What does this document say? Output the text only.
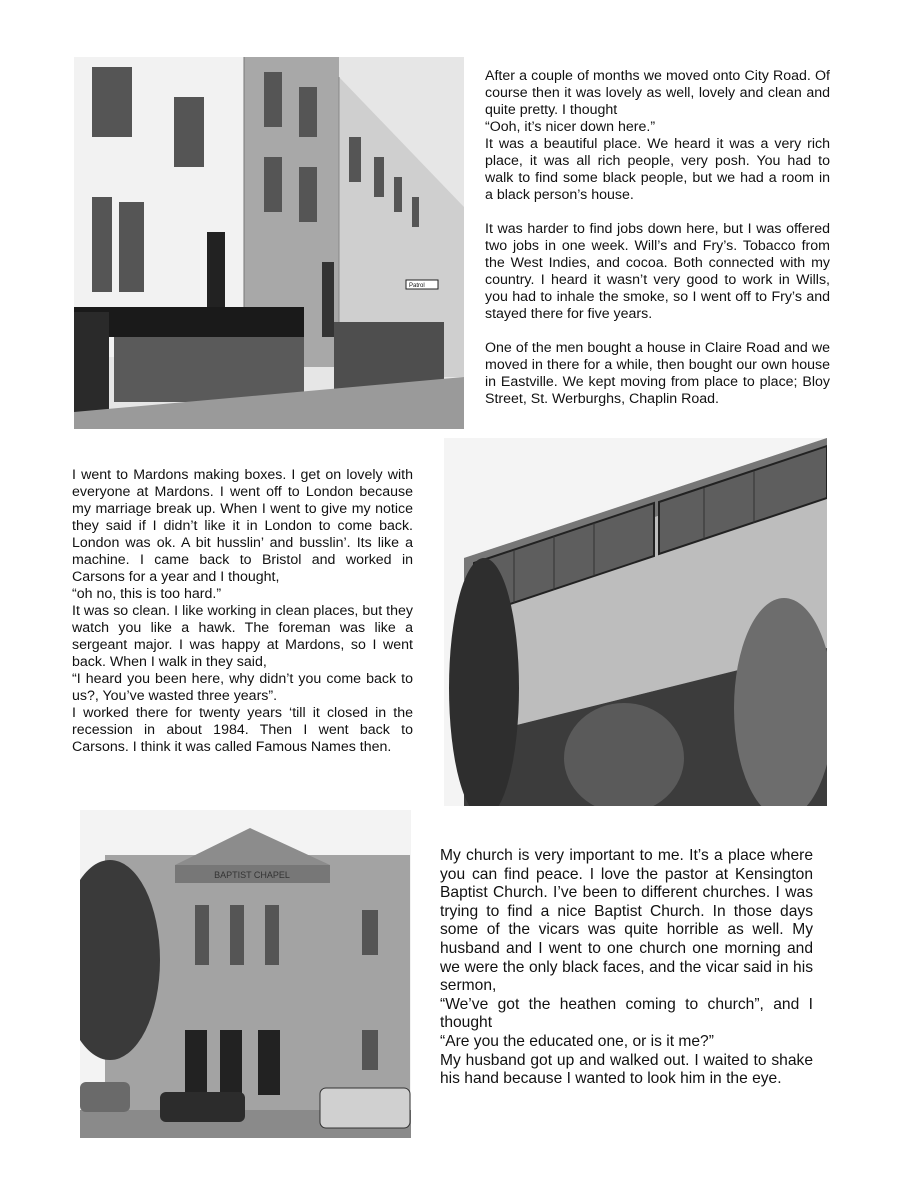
Patrol

After a couple of months we moved onto City Road. Of course then it was lovely as well, lovely and clean and quite pretty. I thought

“Ooh, it’s nicer down here.”

It was a beautiful place. We heard it was a very rich place, it was all rich people, very posh. You had to walk to find some black people, but we had a room in a black person’s house.

It was harder to find jobs down here, but I was offered two jobs in one week. Will’s and Fry’s. Tobacco from the West Indies, and cocoa. Both connected with my country. I heard it wasn’t very good to work in Wills, you had to inhale the smoke, so I went off to Fry’s and stayed there for five years.

One of the men bought a house in Claire Road and we moved in there for a while, then bought our own house in Eastville. We kept moving from place to place; Bloy Street, St. Werburghs, Chaplin Road.

I went to Mardons making boxes. I get on lovely with everyone at Mardons. I went off to London because my marriage break up. When I went to give my notice they said if I didn’t like it in London to come back. London was ok. A bit husslin’ and busslin’. Its like a machine. I came back to Bristol and worked in Carsons for a year and I thought,

“oh no, this is too hard.”

It was so clean. I like working in clean places, but they watch you like a hawk. The foreman was like a sergeant major. I was happy at Mardons, so I went back. When I walk in they said,

“I heard you been here, why didn’t you come back to us?, You’ve wasted three years”.

I worked there for twenty years ‘till it closed in the recession in about 1984. Then I went back to Carsons. I think it was called Famous Names then.

BAPTIST CHAPEL

My church is very important to me. It’s a place where you can find peace. I love the pastor at Kensington Baptist Church. I’ve been to different churches. I was trying to find a nice Baptist Church. In those days some of the vicars was quite horrible as well. My husband and I went to one church one morning and we were the only black faces, and the vicar said in his sermon,

“We’ve got the heathen coming to church”, and I thought

“Are you the educated one, or is it me?”

My husband got up and walked out. I waited to shake his hand because I wanted to look him in the eye.
